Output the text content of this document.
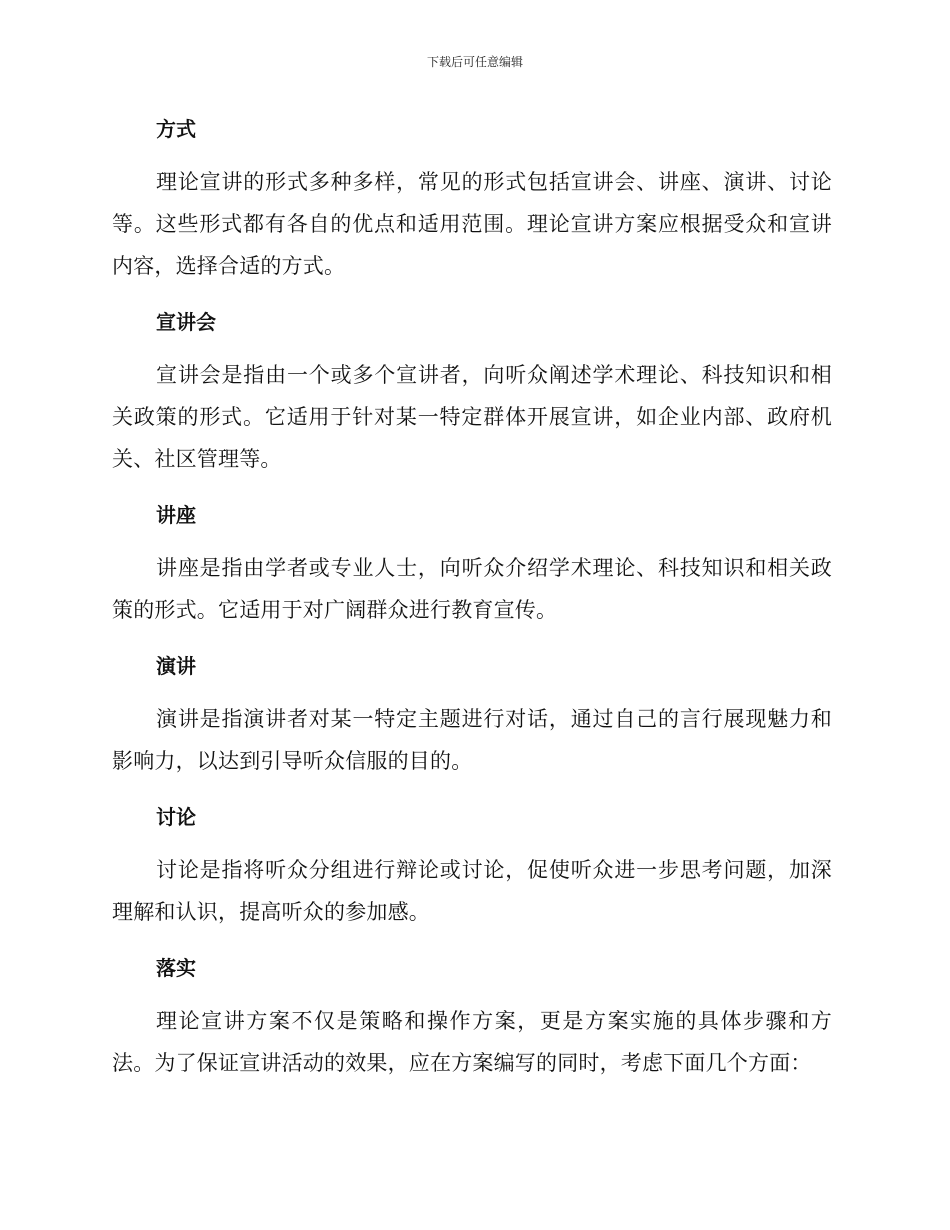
下载后可任意编辑
方式

理论宣讲的形式多种多样，常见的形式包括宣讲会、讲座、演讲、讨论等。这些形式都有各自的优点和适用范围。理论宣讲方案应根据受众和宣讲内容，选择合适的方式。

宣讲会

宣讲会是指由一个或多个宣讲者，向听众阐述学术理论、科技知识和相关政策的形式。它适用于针对某一特定群体开展宣讲，如企业内部、政府机关、社区管理等。

讲座

讲座是指由学者或专业人士，向听众介绍学术理论、科技知识和相关政策的形式。它适用于对广阔群众进行教育宣传。

演讲

演讲是指演讲者对某一特定主题进行对话，通过自己的言行展现魅力和影响力，以达到引导听众信服的目的。

讨论

讨论是指将听众分组进行辩论或讨论，促使听众进一步思考问题，加深理解和认识，提高听众的参加感。

落实

理论宣讲方案不仅是策略和操作方案，更是方案实施的具体步骤和方法。为了保证宣讲活动的效果，应在方案编写的同时，考虑下面几个方面：
